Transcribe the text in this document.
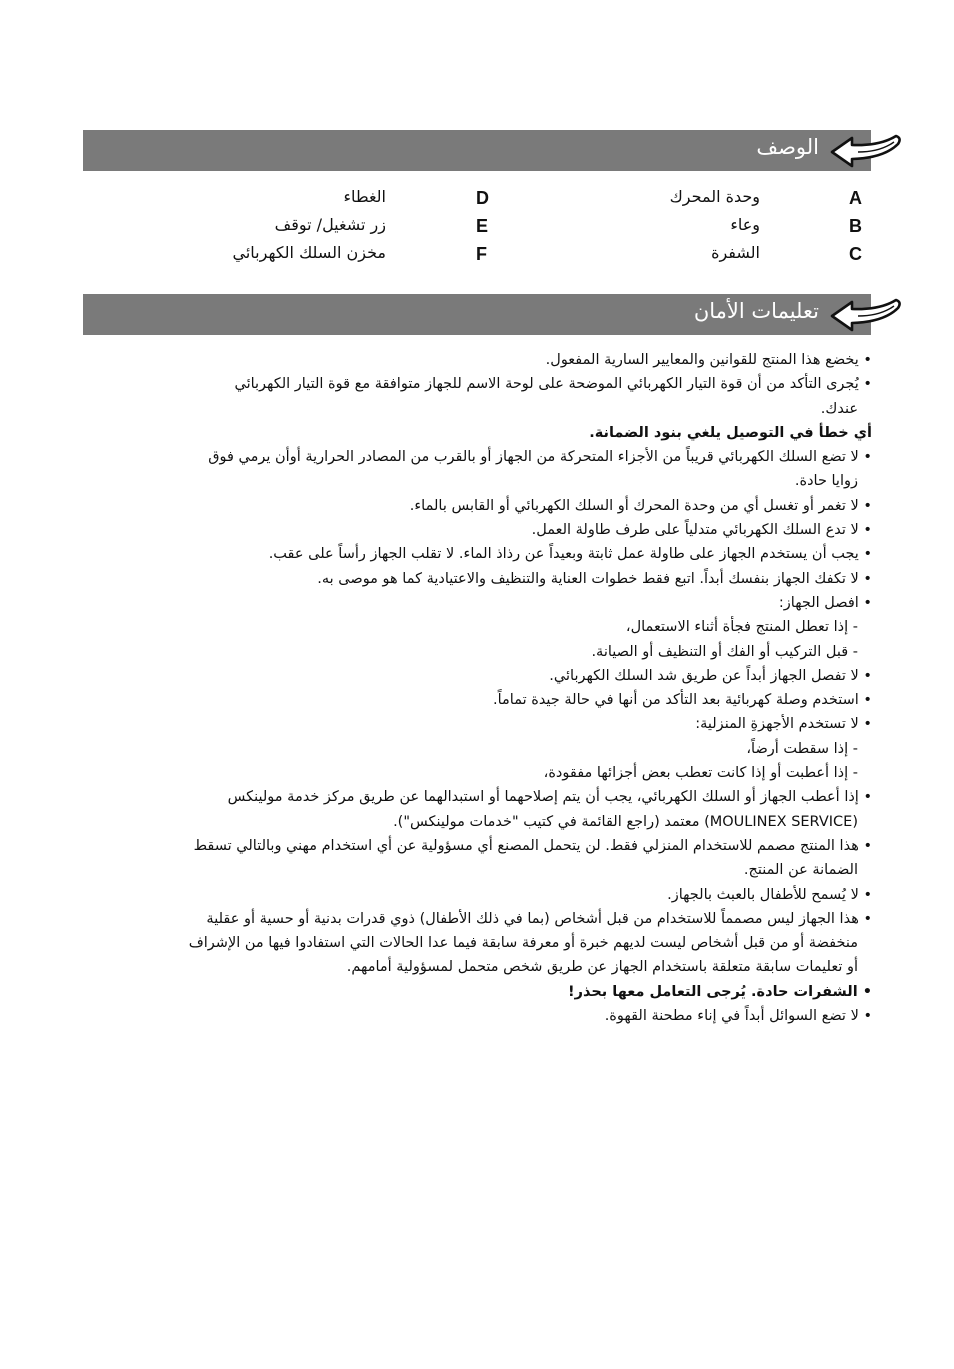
الوصف
A
وحدة المحرك
B
وعاء
C
الشفرة
D
الغطاء
E
زر تشغيل/ توقف
F
مخزن السلك الكهربائي
تعليمات الأمان
• يخضع هذا المنتج للقوانين والمعايير السارية المفعول.
• يُجرى التأكد من أن قوة التيار الكهربائي الموضحة على لوحة الاسم للجهاز متوافقة مع قوة التيار الكهربائي
عندك.
أي خطأ في التوصيل يلغي بنود الضمانة.
• لا تضع السلك الكهربائي قريباً من الأجزاء المتحركة من الجهاز أو بالقرب من المصادر الحرارية أوأن يرمي فوق
زوايا حادة.
• لا تغمر أو تغسل أي من وحدة المحرك أو السلك الكهربائي أو القابس بالماء.
• لا تدع السلك الكهربائي متدلياً على طرف طاولة العمل.
• يجب أن يستخدم الجهاز على طاولة عمل ثابتة وبعيداً عن رذاذ الماء. لا تقلب الجهاز رأساً على عقب.
• لا تكفك الجهاز بنفسك أبداً. اتبع فقط خطوات العناية والتنظيف والاعتيادية كما هو موصى به.
• افصل الجهاز:
- إذا تعطل المنتج فجأة أثناء الاستعمال،
- قبل التركيب أو الفك أو التنظيف أو الصيانة.
• لا تفصل الجهاز أبداً عن طريق شد السلك الكهربائي.
• استخدم وصلة كهربائية بعد التأكد من أنها في حالة جيدة تماماً.
• لا تستخدم الأجهزةِ المنزلية:
- إذا سقطت أرضاً،
- إذا أعطبت أو إذا كانت تعطب بعض أجزائها مفقودة،
• إذا أعطب الجهاز أو السلك الكهربائي، يجب أن يتم إصلاحهما أو استبدالهما عن طريق مركز خدمة مولينكس
(MOULINEX SERVICE) معتمد (راجع القائمة في كتيب "خدمات مولينكس").
• هذا المنتج مصمم للاستخدام المنزلي فقط. لن يتحمل المصنع أي مسؤولية عن أي استخدام مهني وبالتالي تسقط
الضمانة عن المنتج.
• لا يُسمح للأطفال بالعبث بالجهاز.
• هذا الجهاز ليس مصمماً للاستخدام من قبل أشخاص (بما في ذلك الأطفال) ذوي قدرات بدنية أو حسية أو عقلية
منخفضة أو من قبل أشخاص ليست لديهم خبرة أو معرفة سابقة فيما عدا الحالات التي استفادوا فيها من الإشراف
أو تعليمات سابقة متعلقة باستخدام الجهاز عن طريق شخص متحمل لمسؤولية أمامهم.
• الشفرات حادة. يُرجى التعامل معها بحذر!
• لا تضع السوائل أبداً في إناء مطحنة القهوة.
